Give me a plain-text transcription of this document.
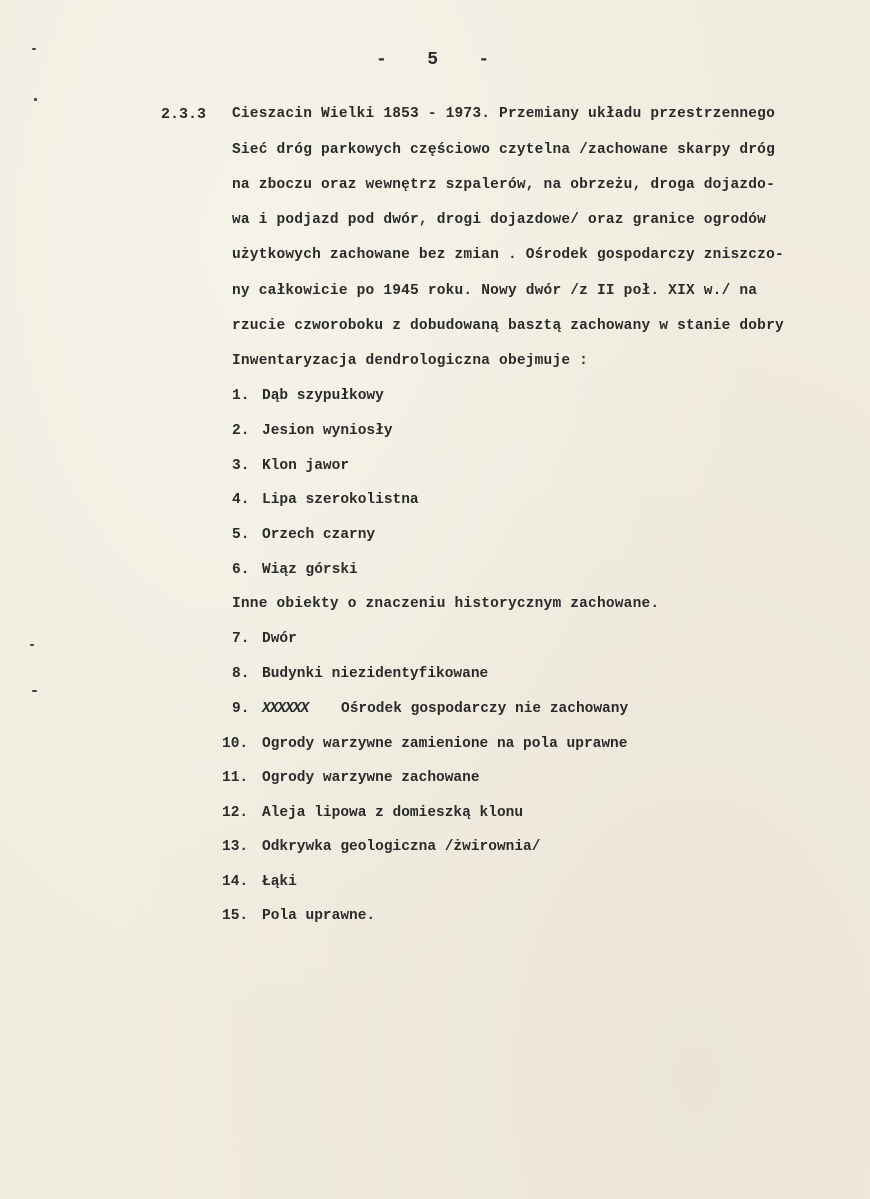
-   5   -
2.3.3 Cieszacin Wielki 1853 - 1973. Przemiany układu przestrzennego
Sieć dróg parkowych częściowo czytelna /zachowane skarpy dróg
na zboczu oraz wewnętrz szpalerów, na obrzeżu, droga dojazdo-
wa i podjazd pod dwór, drogi dojazdowe/ oraz granice ogrodów
użytkowych zachowane bez zmian . Ośrodek gospodarczy zniszczo-
ny całkowicie po 1945 roku. Nowy dwór /z II poł. XIX w./ na
rzucie czworoboku z dobudowaną basztą zachowany w stanie dobry
Inwentaryzacja dendrologiczna obejmuje :
1. Dąb szypułkowy
2. Jesion wyniosły
3. Klon jawor
4. Lipa szerokolistna
5. Orzech czarny
6. Wiąz górski
Inne obiekty o znaczeniu historycznym zachowane.
7. Dwór
8. Budynki niezidentyfikowane
9. XXXXXX Ośrodek gospodarczy nie zachowany
10. Ogrody warzywne zamienione na pola uprawne
11. Ogrody warzywne zachowane
12. Aleja lipowa z domieszką klonu
13. Odkrywka geologiczna /żwirownia/
14. Łąki
15. Pola uprawne.
